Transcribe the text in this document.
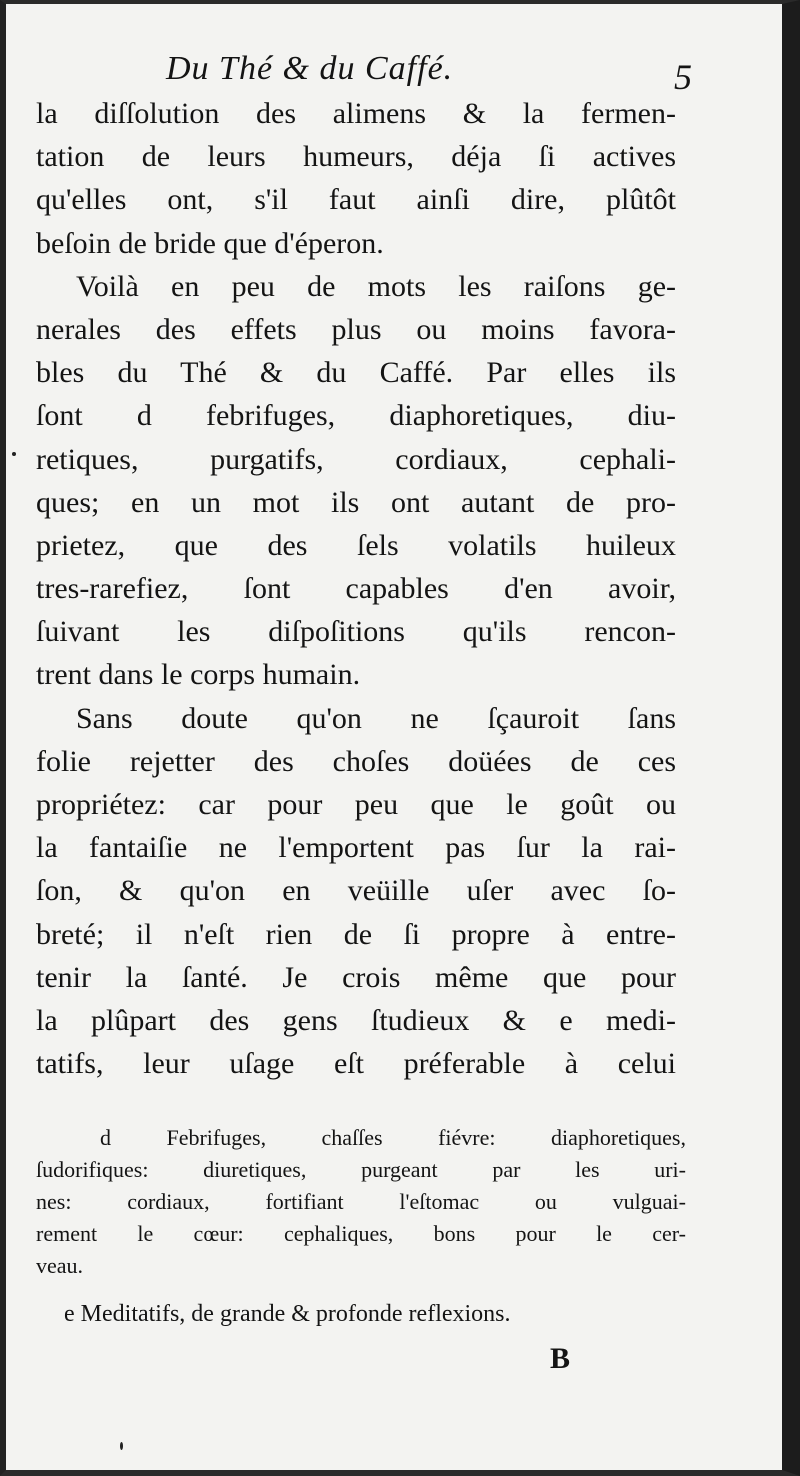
Du Thé & du Caffé.	5
la diſſolution des alimens & la fermen-
tation de leurs humeurs, déja ſi actives
qu'elles ont, s'il faut ainſi dire, plûtôt
beſoin de bride que d'éperon.
Voilà en peu de mots les raiſons ge-
nerales des effets plus ou moins favora-
bles du Thé & du Caffé. Par elles ils
ſont d febrifuges, diaphoretiques, diu-
retiques, purgatifs, cordiaux, cephali-
ques; en un mot ils ont autant de pro-
prietez, que des ſels volatils huileux
tres-rarefiez, ſont capables d'en avoir,
ſuivant les diſpoſitions qu'ils rencon-
trent dans le corps humain.
Sans doute qu'on ne ſçauroit ſans
folie rejetter des choſes doüées de ces
propriétez: car pour peu que le goût ou
la fantaiſie ne l'emportent pas ſur la rai-
ſon, & qu'on en veüille uſer avec ſo-
breté; il n'eſt rien de ſi propre à entre-
tenir la ſanté. Je crois même que pour
la plûpart des gens ſtudieux & e medi-
tatifs, leur uſage eſt préferable à celui
d Febrifuges, chaſſes fiévre: diaphoretiques,
ſudorifiques: diuretiques, purgeant par les uri-
nes: cordiaux, fortifiant l'eſtomac ou vulguai-
rement le cœur: cephaliques, bons pour le cer-
veau.
e Meditatifs, de grande & profonde reflexions.
B
